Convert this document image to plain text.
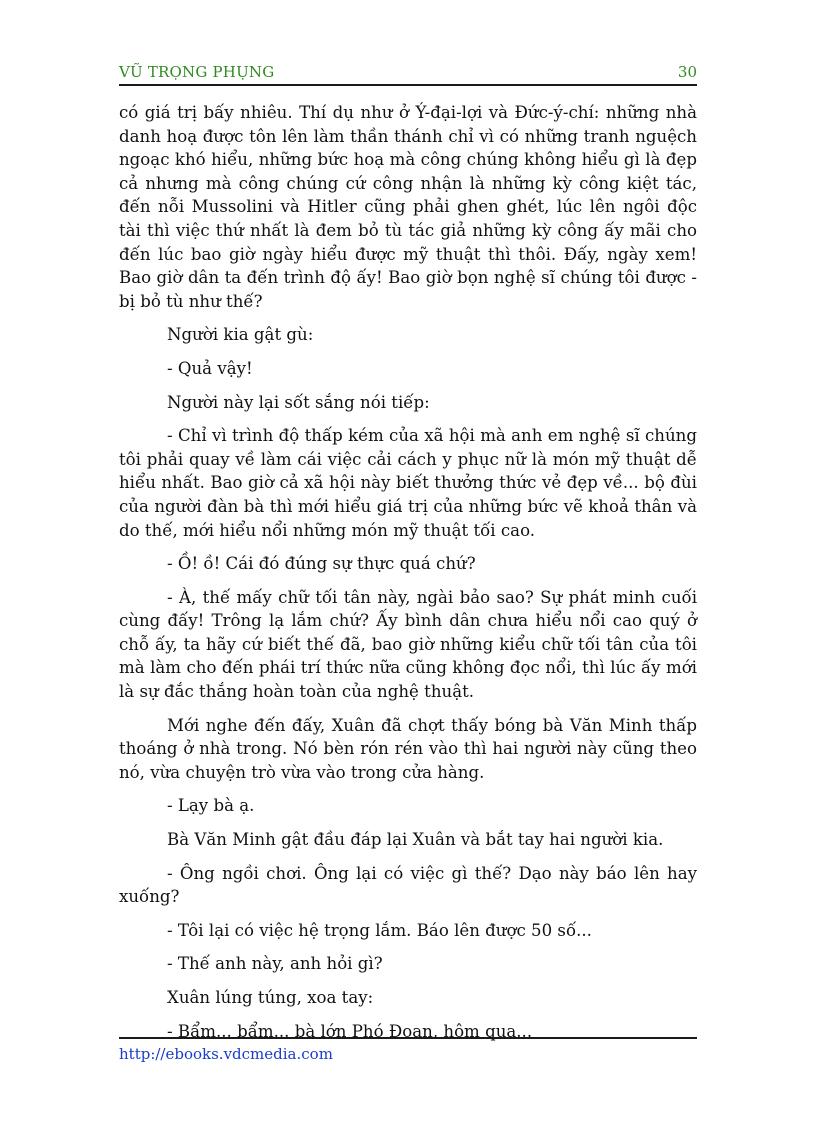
VŨ TRỌNG PHỤNG	30

có giá trị bấy nhiêu. Thí dụ như ở Ý-đại-lợi và Đức-ý-chí: những nhà danh hoạ được tôn lên làm thần thánh chỉ vì có những tranh nguệch ngoạc khó hiểu, những bức hoạ mà công chúng không hiểu gì là đẹp cả nhưng mà công chúng cứ công nhận là những kỳ công kiệt tác, đến nỗi Mussolini và Hitler cũng phải ghen ghét, lúc lên ngôi độc tài thì việc thứ nhất là đem bỏ tù tác giả những kỳ công ấy mãi cho đến lúc bao giờ ngày hiểu được mỹ thuật thì thôi. Đấy, ngày xem! Bao giờ dân ta đến trình độ ấy! Bao giờ bọn nghệ sĩ chúng tôi được - bị bỏ tù như thế?

Người kia gật gù:

- Quả vậy!

Người này lại sốt sắng nói tiếp:

- Chỉ vì trình độ thấp kém của xã hội mà anh em nghệ sĩ chúng tôi phải quay về làm cái việc cải cách y phục nữ là món mỹ thuật dễ hiểu nhất. Bao giờ cả xã hội này biết thưởng thức vẻ đẹp về... bộ đùi của người đàn bà thì mới hiểu giá trị của những bức vẽ khoả thân và do thế, mới hiểu nổi những món mỹ thuật tối cao.

- Ồ! ồ! Cái đó đúng sự thực quá chứ?

- À, thế mấy chữ tối tân này, ngài bảo sao? Sự phát minh cuối cùng đấy! Trông lạ lắm chứ? Ấy bình dân chưa hiểu nổi cao quý ở chỗ ấy, ta hãy cứ biết thế đã, bao giờ những kiểu chữ tối tân của tôi mà làm cho đến phái trí thức nữa cũng không đọc nổi, thì lúc ấy mới là sự đắc thắng hoàn toàn của nghệ thuật.

Mới nghe đến đấy, Xuân đã chợt thấy bóng bà Văn Minh thấp thoáng ở nhà trong. Nó bèn rón rén vào thì hai người này cũng theo nó, vừa chuyện trò vừa vào trong cửa hàng.

- Lạy bà ạ.

Bà Văn Minh gật đầu đáp lại Xuân và bắt tay hai người kia.

- Ông ngồi chơi. Ông lại có việc gì thế? Dạo này báo lên hay xuống?

- Tôi lại có việc hệ trọng lắm. Báo lên được 50 số...

- Thế anh này, anh hỏi gì?

Xuân lúng túng, xoa tay:

- Bẩm... bẩm... bà lớn Phó Đoan, hôm qua...

http://ebooks.vdcmedia.com
